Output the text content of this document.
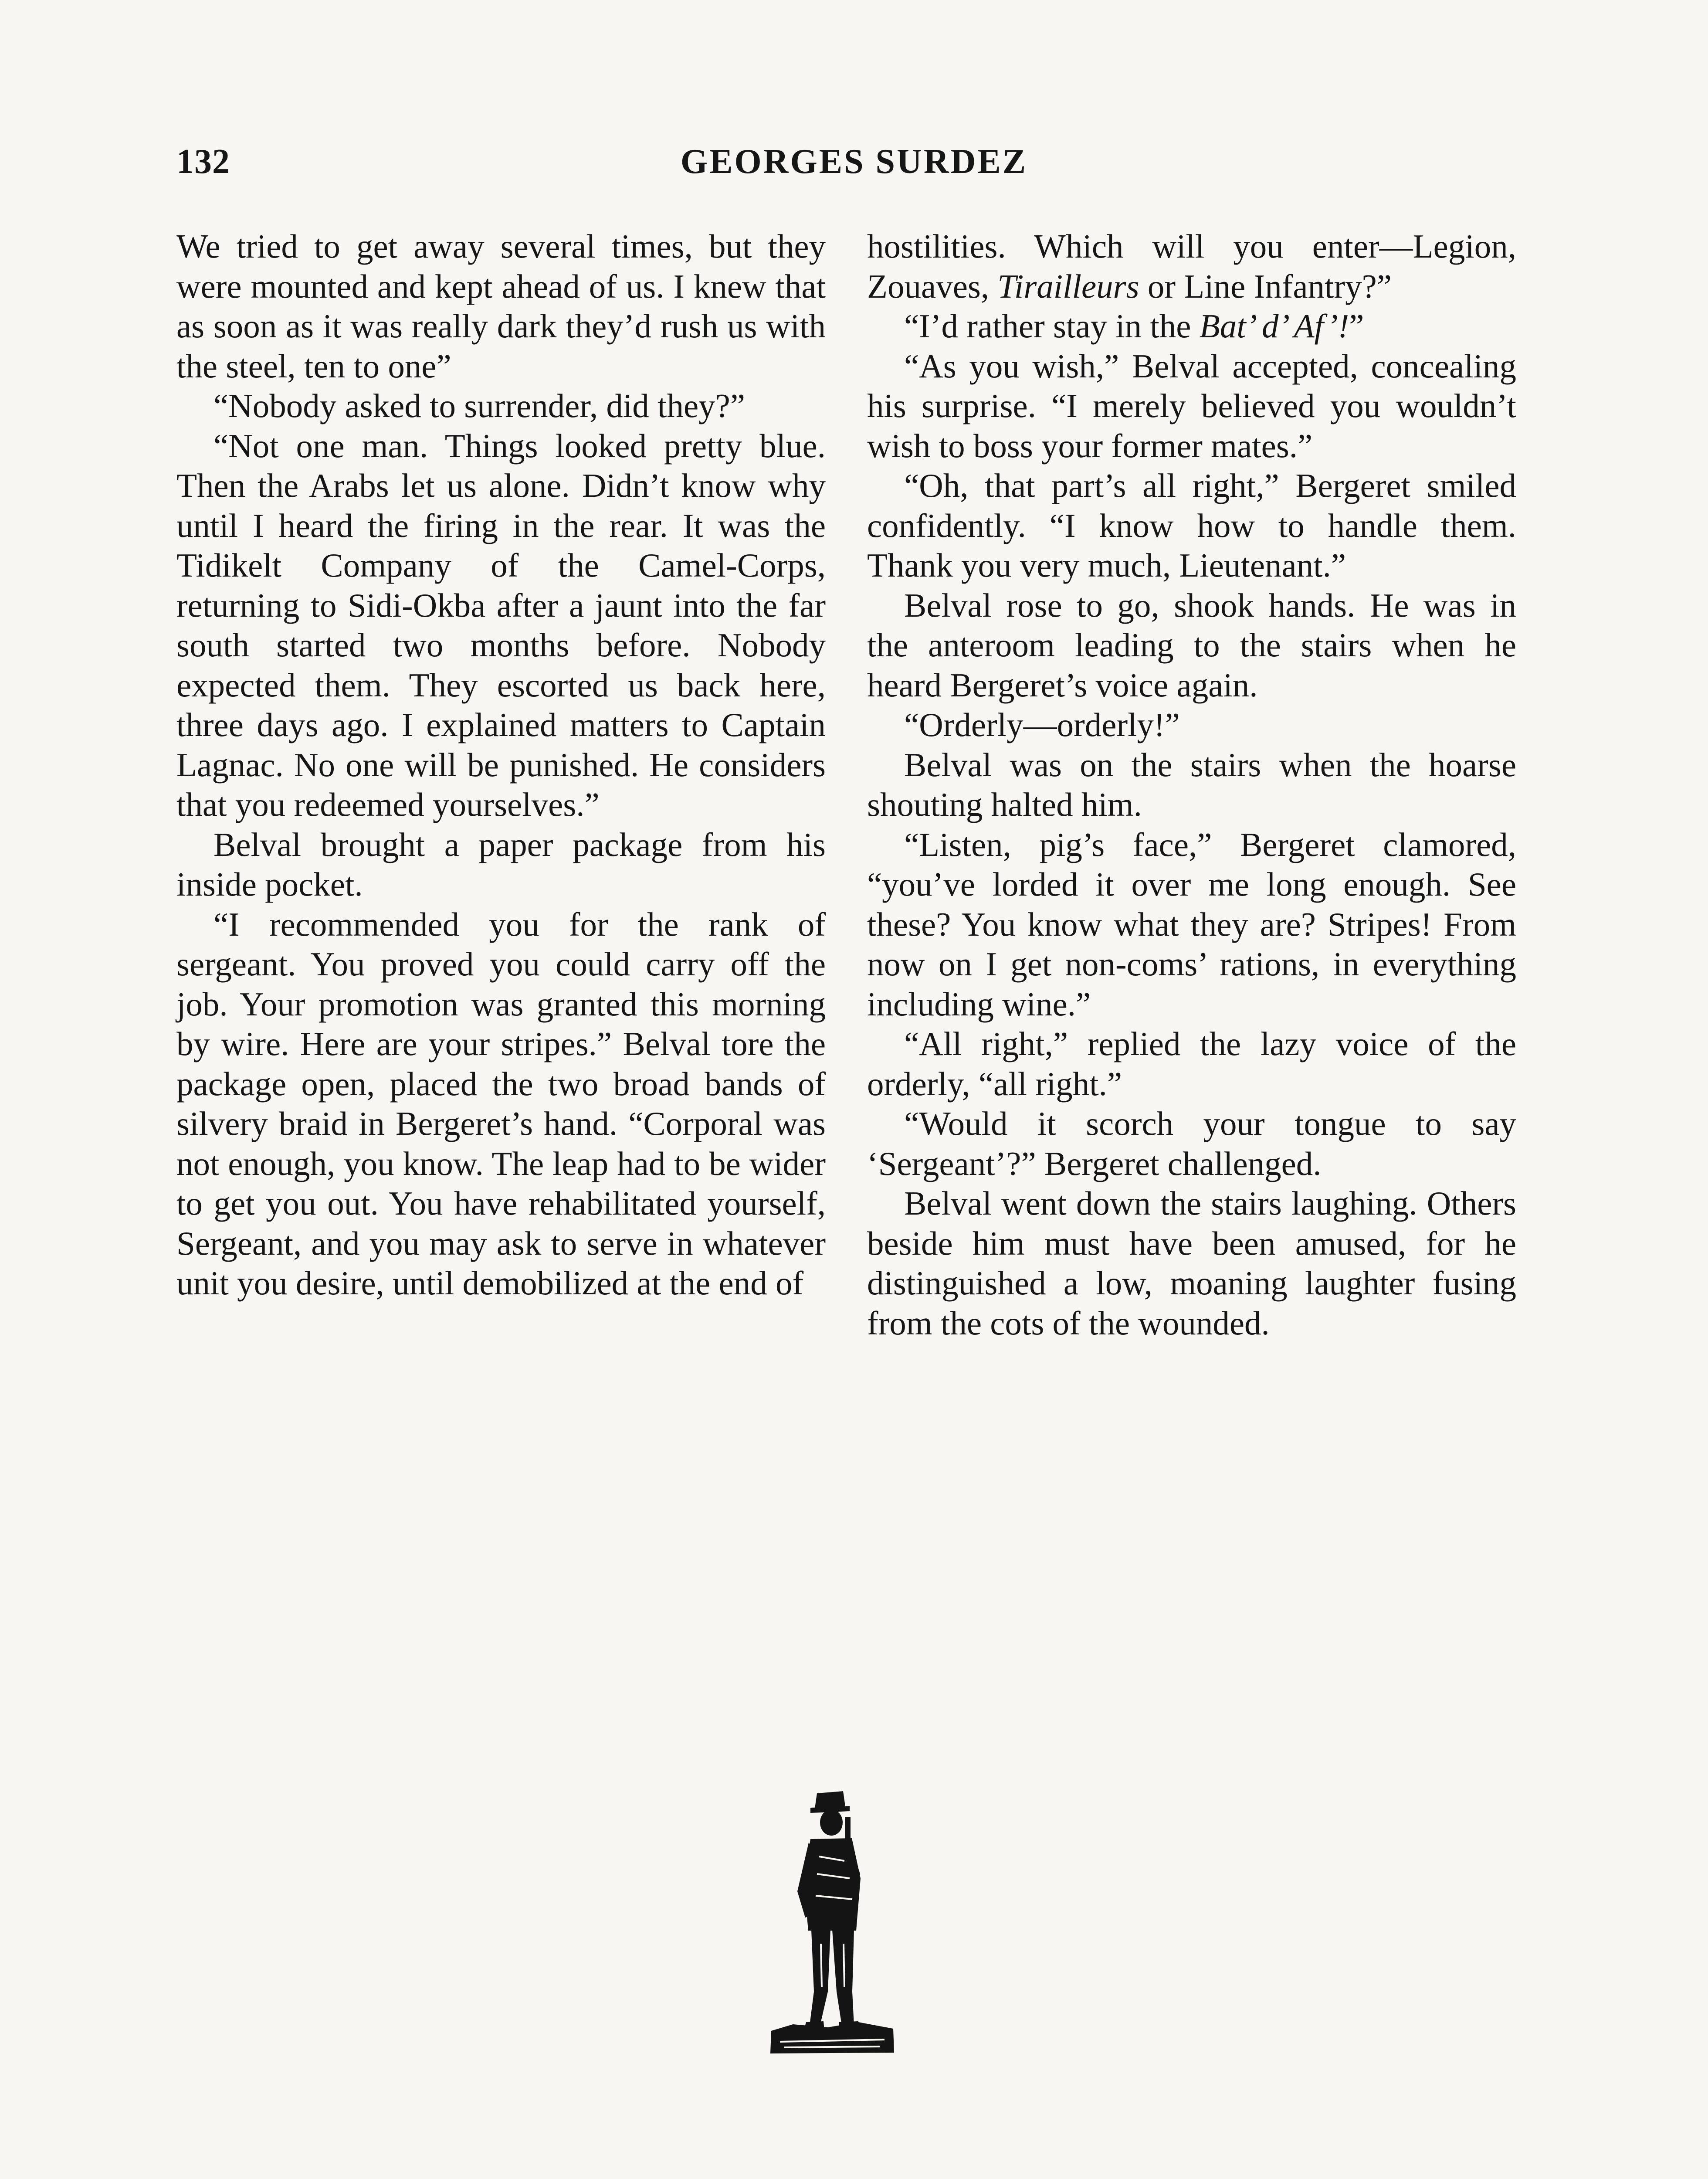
132	GEORGES SURDEZ

We tried to get away several times, but they were mounted and kept ahead of us. I knew that as soon as it was really dark they’d rush us with the steel, ten to one”

“Nobody asked to surrender, did they?”

“Not one man. Things looked pretty blue. Then the Arabs let us alone. Didn’t know why until I heard the firing in the rear. It was the Tidikelt Company of the Camel-Corps, returning to Sidi-Okba after a jaunt into the far south started two months before. Nobody expected them. They escorted us back here, three days ago. I explained matters to Captain Lagnac. No one will be punished. He considers that you redeemed yourselves.”

Belval brought a paper package from his inside pocket.

“I recommended you for the rank of sergeant. You proved you could carry off the job. Your promotion was granted this morning by wire. Here are your stripes.” Belval tore the package open, placed the two broad bands of silvery braid in Bergeret’s hand. “Corporal was not enough, you know. The leap had to be wider to get you out. You have rehabilitated yourself, Sergeant, and you may ask to serve in whatever unit you desire, until demobilized at the end of

hostilities. Which will you enter—Legion, Zouaves, Tirailleurs or Line Infantry?”

“I’d rather stay in the Bat’ d’ Af’!”

“As you wish,” Belval accepted, concealing his surprise. “I merely believed you wouldn’t wish to boss your former mates.”

“Oh, that part’s all right,” Bergeret smiled confidently. “I know how to handle them. Thank you very much, Lieutenant.”

Belval rose to go, shook hands. He was in the anteroom leading to the stairs when he heard Bergeret’s voice again.

“Orderly—orderly!”

Belval was on the stairs when the hoarse shouting halted him.

“Listen, pig’s face,” Bergeret clamored, “you’ve lorded it over me long enough. See these? You know what they are? Stripes! From now on I get non-coms’ rations, in everything including wine.”

“All right,” replied the lazy voice of the orderly, “all right.”

“Would it scorch your tongue to say ‘Sergeant’?” Bergeret challenged.

Belval went down the stairs laughing. Others beside him must have been amused, for he distinguished a low, moaning laughter fusing from the cots of the wounded.
